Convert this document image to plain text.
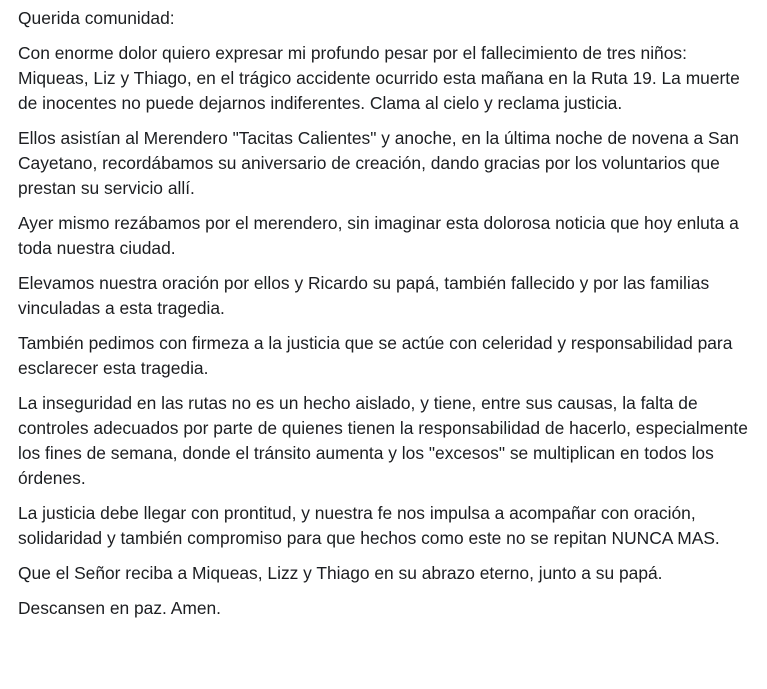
Querida comunidad:

Con enorme dolor quiero expresar mi profundo pesar por el fallecimiento de tres niños: Miqueas, Liz y Thiago, en el trágico accidente ocurrido esta mañana en la Ruta 19. La muerte de inocentes no puede dejarnos indiferentes. Clama al cielo y reclama justicia.

Ellos asistían al Merendero "Tacitas Calientes" y anoche, en la última noche de novena a San Cayetano, recordábamos su aniversario de creación, dando gracias por los voluntarios que prestan su servicio allí.

Ayer mismo rezábamos por el merendero, sin imaginar esta dolorosa noticia que hoy enluta a toda nuestra ciudad.

Elevamos nuestra oración por ellos y Ricardo su papá, también fallecido y por las familias vinculadas a esta tragedia.

También pedimos con firmeza a la justicia que se actúe con celeridad y responsabilidad para esclarecer esta tragedia.

La inseguridad en las rutas no es un hecho aislado, y tiene, entre sus causas, la falta de controles adecuados por parte de quienes tienen la responsabilidad de hacerlo, especialmente los fines de semana, donde el tránsito aumenta y los "excesos" se multiplican en todos los órdenes.

La justicia debe llegar con prontitud, y nuestra fe nos impulsa a acompañar con oración, solidaridad y también compromiso para que hechos como este no se repitan NUNCA MAS.

Que el Señor reciba a Miqueas, Lizz y Thiago en su abrazo eterno, junto a su papá.

Descansen en paz. Amen.
